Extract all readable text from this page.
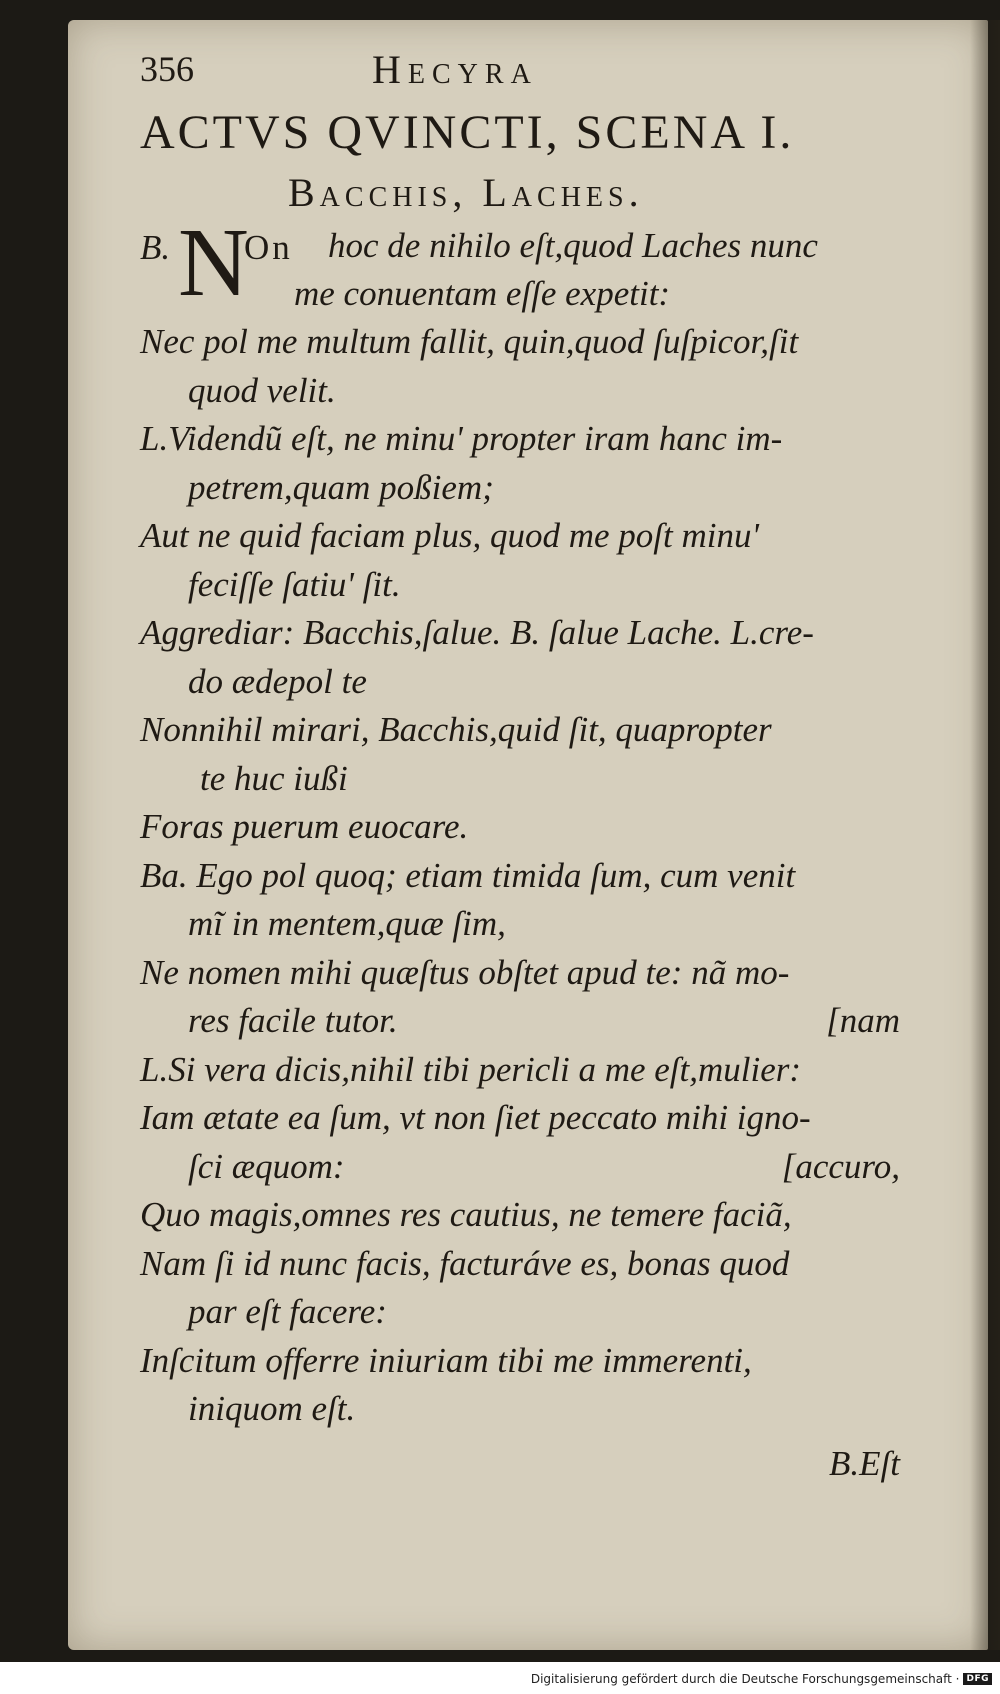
356	Hecyra
ACTVS QVINCTI, SCENA I.
Bacchis, Laches.
B. N
On hoc de nihilo eſt,quod Laches nunc
me conuentam eſſe expetit:
Nec pol me multum fallit, quin,quod ſuſpicor,ſit
quod velit.
L.Videndũ eſt, ne minu' propter iram hanc im-
petrem,quam poßiem;
Aut ne quid faciam plus, quod me poſt minu'
feciſſe ſatiu' ſit.
Aggrediar: Bacchis,ſalue. B. ſalue Lache. L.cre-
do ædepol te
Nonnihil mirari, Bacchis,quid ſit, quapropter
te huc iußi
Foras puerum euocare.
Ba. Ego pol quoq; etiam timida ſum, cum venit
mĩ in mentem,quæ ſim,
Ne nomen mihi quæſtus obſtet apud te: nã mo-
res facile tutor.	[nam
L.Si vera dicis,nihil tibi pericli a me eſt,mulier:
Iam ætate ea ſum, vt non ſiet peccato mihi igno-
ſci æquom:	[accuro,
Quo magis,omnes res cautius, ne temere faciã,
Nam ſi id nunc facis, facturáve es, bonas quod
par eſt facere:
Inſcitum offerre iniuriam tibi me immerenti,
iniquom eſt.
B.Eſt
Digitalisierung gefördert durch die Deutsche Forschungsgemeinschaft · DFG
